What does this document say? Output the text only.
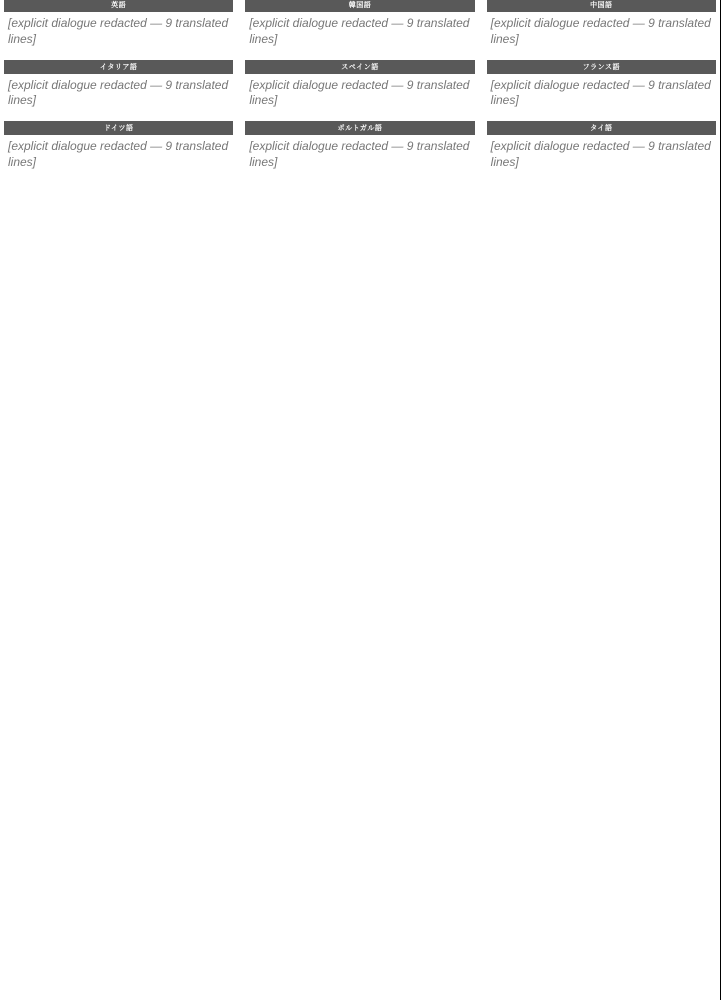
英語
[explicit dialogue redacted — 9 translated lines]
韓国語
[explicit dialogue redacted — 9 translated lines]
中国語
[explicit dialogue redacted — 9 translated lines]
イタリア語
[explicit dialogue redacted — 9 translated lines]
スペイン語
[explicit dialogue redacted — 9 translated lines]
フランス語
[explicit dialogue redacted — 9 translated lines]
ドイツ語
[explicit dialogue redacted — 9 translated lines]
ポルトガル語
[explicit dialogue redacted — 9 translated lines]
タイ語
[explicit dialogue redacted — 9 translated lines]
